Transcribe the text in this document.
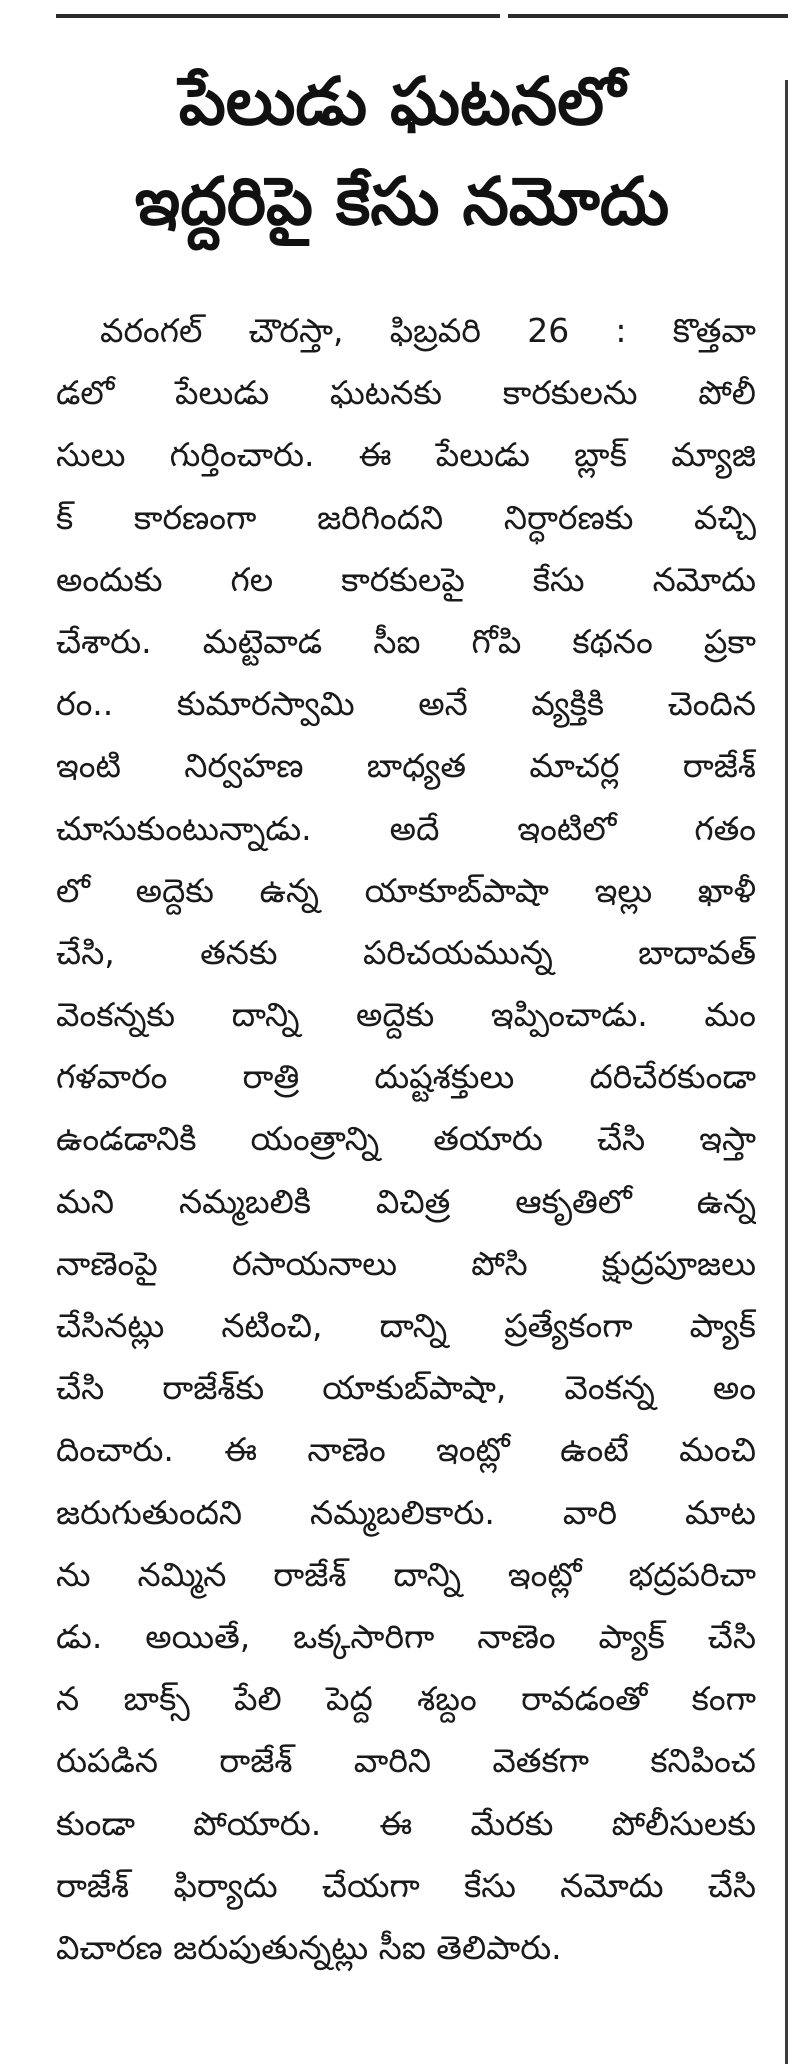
పేలుడు ఘటనలో
ఇద్దరిపై కేసు నమోదు
వరంగల్ చౌరస్తా, ఫిబ్రవరి 26 : కొత్తవా
డలో పేలుడు ఘటనకు కారకులను పోలీ
సులు గుర్తించారు. ఈ పేలుడు బ్లాక్ మ్యాజి
క్ కారణంగా జరిగిందని నిర్ధారణకు వచ్చి
అందుకు గల కారకులపై కేసు నమోదు
చేశారు. మట్టెవాడ సీఐ గోపి కథనం ప్రకా
రం.. కుమారస్వామి అనే వ్యక్తికి చెందిన
ఇంటి నిర్వహణ బాధ్యత మాచర్ల రాజేశ్
చూసుకుంటున్నాడు. అదే ఇంటిలో గతం
లో అద్దెకు ఉన్న యాకూబ్‌పాషా ఇల్లు ఖాళీ
చేసి, తనకు పరిచయమున్న బాదావత్
వెంకన్నకు దాన్ని అద్దెకు ఇప్పించాడు. మం
గళవారం రాత్రి దుష్టశక్తులు దరిచేరకుండా
ఉండడానికి యంత్రాన్ని తయారు చేసి ఇస్తా
మని నమ్మబలికి విచిత్ర ఆకృతిలో ఉన్న
నాణెంపై రసాయనాలు పోసి క్షుద్రపూజలు
చేసినట్లు నటించి, దాన్ని ప్రత్యేకంగా ప్యాక్
చేసి రాజేశ్‌కు యాకుబ్‌పాషా, వెంకన్న అం
దించారు. ఈ నాణెం ఇంట్లో ఉంటే మంచి
జరుగుతుందని నమ్మబలికారు. వారి మాట
ను నమ్మిన రాజేశ్ దాన్ని ఇంట్లో భద్రపరిచా
డు. అయితే, ఒక్కసారిగా నాణెం ప్యాక్ చేసి
న బాక్స్ పేలి పెద్ద శబ్దం రావడంతో కంగా
రుపడిన రాజేశ్ వారిని వెతకగా కనిపించ
కుండా పోయారు. ఈ మేరకు పోలీసులకు
రాజేశ్ ఫిర్యాదు చేయగా కేసు నమోదు చేసి
విచారణ జరుపుతున్నట్లు సీఐ తెలిపారు.
